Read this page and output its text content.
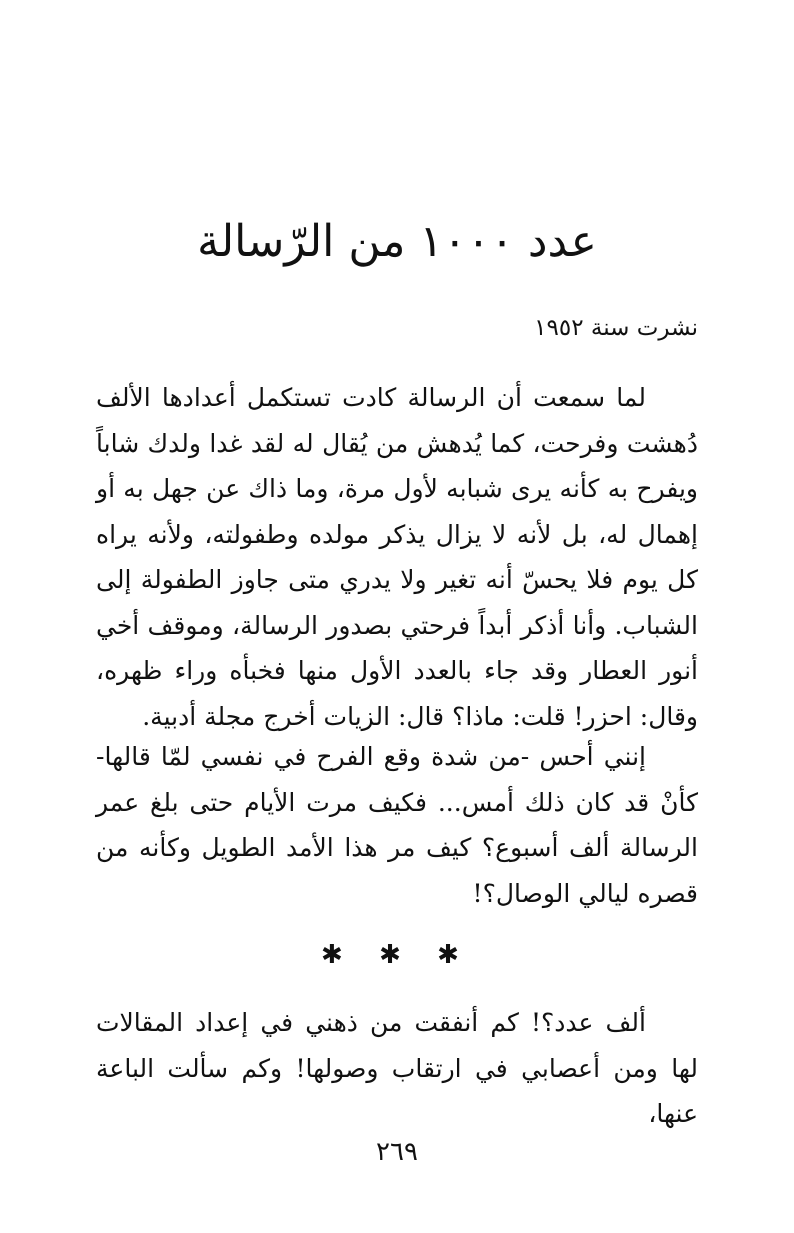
عدد ١٠٠٠ من الرّسالة

نشرت سنة ١٩٥٢

لما سمعت أن الرسالة كادت تستكمل أعدادها الألف دُهشت وفرحت، كما يُدهش من يُقال له لقد غدا ولدك شاباً ويفرح به كأنه يرى شبابه لأول مرة، وما ذاك عن جهل به أو إهمال له، بل لأنه لا يزال يذكر مولده وطفولته، ولأنه يراه كل يوم فلا يحسّ أنه تغير ولا يدري متى جاوز الطفولة إلى الشباب. وأنا أذكر أبداً فرحتي بصدور الرسالة، وموقف أخي أنور العطار وقد جاء بالعدد الأول منها فخبأه وراء ظهره، وقال: احزر! قلت: ماذا؟ قال: الزيات أخرج مجلة أدبية.

إنني أحس -من شدة وقع الفرح في نفسي لمّا قالها- كأنْ قد كان ذلك أمس... فكيف مرت الأيام حتى بلغ عمر الرسالة ألف أسبوع؟ كيف مر هذا الأمد الطويل وكأنه من قصره ليالي الوصال؟!

✱ ✱ ✱

ألف عدد؟! كم أنفقت من ذهني في إعداد المقالات لها ومن أعصابي في ارتقاب وصولها! وكم سألت الباعة عنها،

٢٦٩
